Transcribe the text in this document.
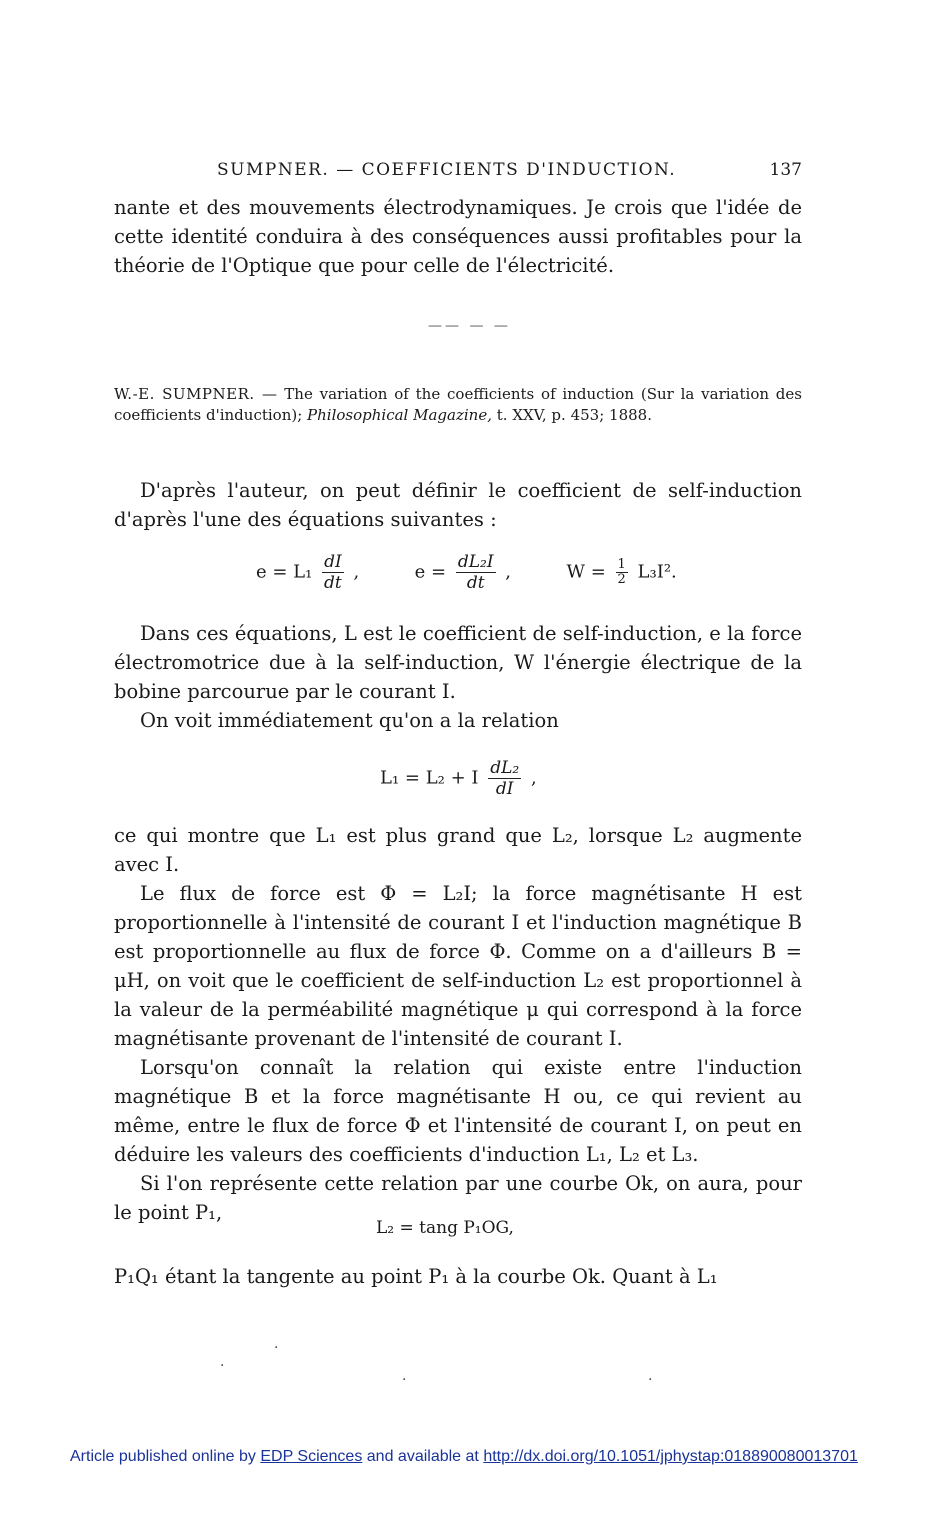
SUMPNER. — COEFFICIENTS D'INDUCTION.	137

nante et des mouvements électrodynamiques. Je crois que l'idée de cette identité conduira à des conséquences aussi profitables pour la théorie de l'Optique que pour celle de l'électricité.

—— — —
W.-E. SUMPNER. — The variation of the coefficients of induction (Sur la variation des coefficients d'induction); Philosophical Magazine, t. XXV, p. 453; 1888.

D'après l'auteur, on peut définir le coefficient de self-induction d'après l'une des équations suivantes :

$e = L_1 \frac{dI}{dt}$ ,	$e = \frac{\text{dL₂I}}{dt}$ ,	$W = \frac{1}{2} L_3I^2$.

Dans ces équations, L est le coefficient de self-induction, e la force électromotrice due à la self-induction, W l'énergie électrique de la bobine parcourue par le courant I.

On voit immédiatement qu'on a la relation

L₁ = L₂ + I $\frac{\text{dL₂}}{dI}$ ,

ce qui montre que L₁ est plus grand que L₂, lorsque L₂ augmente avec I.

Le flux de force est Φ = L₂I; la force magnétisante H est proportionnelle à l'intensité de courant I et l'induction magnétique B est proportionnelle au flux de force Φ. Comme on a d'ailleurs B = μH, on voit que le coefficient de self-induction L₂ est proportionnel à la valeur de la perméabilité magnétique μ qui correspond à la force magnétisante provenant de l'intensité de courant I.

Lorsqu'on connaît la relation qui existe entre l'induction magnétique B et la force magnétisante H ou, ce qui revient au même, entre le flux de force Φ et l'intensité de courant I, on peut en déduire les valeurs des coefficients d'induction L₁, L₂ et L₃.

Si l'on représente cette relation par une courbe Ok, on aura, pour le point P₁,

L₂ = tang P₁OG,

P₁Q₁ étant la tangente au point P₁ à la courbe Ok. Quant à L₁

·
·
·	·
Article published online by EDP Sciences and available at http://dx.doi.org/10.1051/jphystap:018890080013701
